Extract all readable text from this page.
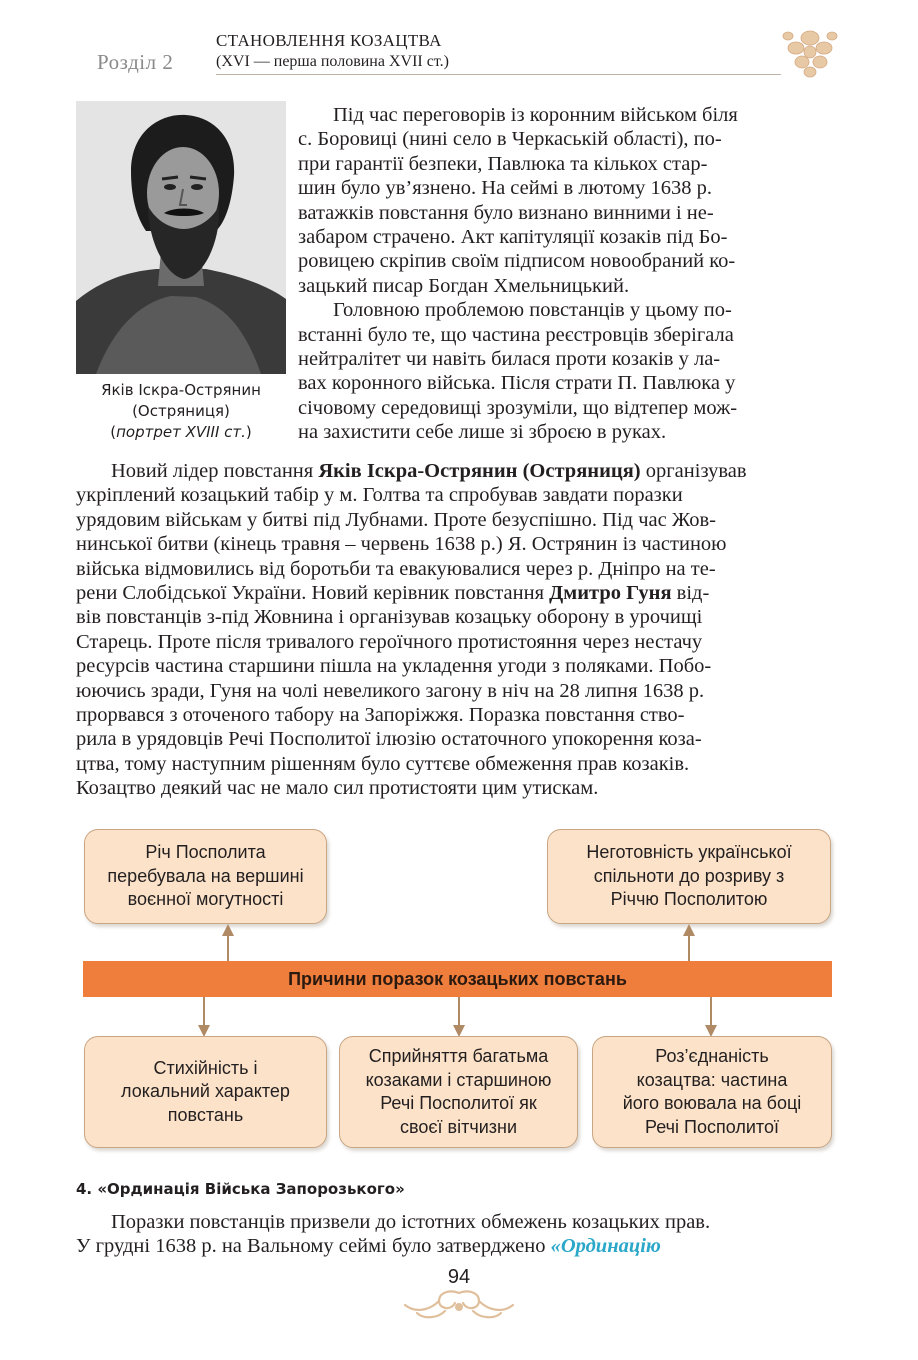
Розділ 2
СТАНОВЛЕННЯ КОЗАЦТВА
(XVI — перша половина XVII ст.)
Яків Іскра-Острянин
(Остряниця)
(портрет XVIII ст.)
Під час переговорів із коронним військом біля
с. Боровиці (нині село в Черкаській області), по-
при гарантії безпеки, Павлюка та кількох стар-
шин було ув’язнено. На сеймі в лютому 1638 р.
ватажків повстання було визнано винними і не-
забаром страчено. Акт капітуляції козаків під Бо-
ровицею скріпив своїм підписом новообраний ко-
зацький писар Богдан Хмельницький.
Головною проблемою повстанців у цьому по-
встанні було те, що частина реєстровців зберігала
нейтралітет чи навіть билася проти козаків у ла-
вах коронного війська. Після страти П. Павлюка у
січовому середовищі зрозуміли, що відтепер мож-
на захистити себе лише зі зброєю в руках.
Новий лідер повстання Яків Іскра-Острянин (Остряниця) організував
укріплений козацький табір у м. Голтва та спробував завдати поразки
урядовим військам у битві під Лубнами. Проте безуспішно. Під час Жов-
нинської битви (кінець травня – червень 1638 р.) Я. Острянин із частиною
війська відмовились від боротьби та евакуювалися через р. Дніпро на те-
рени Слобідської України. Новий керівник повстання Дмитро Гуня від-
вів повстанців з-під Жовнина і організував козацьку оборону в урочищі
Старець. Проте після тривалого героїчного протистояння через нестачу
ресурсів частина старшини пішла на укладення угоди з поляками. Побо-
юючись зради, Гуня на чолі невеликого загону в ніч на 28 липня 1638 р.
прорвався з оточеного табору на Запоріжжя. Поразка повстання ство-
рила в урядовців Речі Посполитої ілюзію остаточного упокорення коза-
цтва, тому наступним рішенням було суттєве обмеження прав козаків.
Козацтво деякий час не мало сил протистояти цим утискам.
Річ Посполита
перебувала на вершині
воєнної могутності
Неготовність української
спільноти до розриву з
Річчю Посполитою
Причини поразок козацьких повстань
Стихійність і
локальний характер
повстань
Сприйняття багатьма
козаками і старшиною
Речі Посполитої як
своєї вітчизни
Роз’єднаність
козацтва: частина
його воювала на боці
Речі Посполитої
4. «Ординація Війська Запорозького»
Поразки повстанців призвели до істотних обмежень козацьких прав.
У грудні 1638 р. на Вальному сеймі було затверджено «Ординацію
94
